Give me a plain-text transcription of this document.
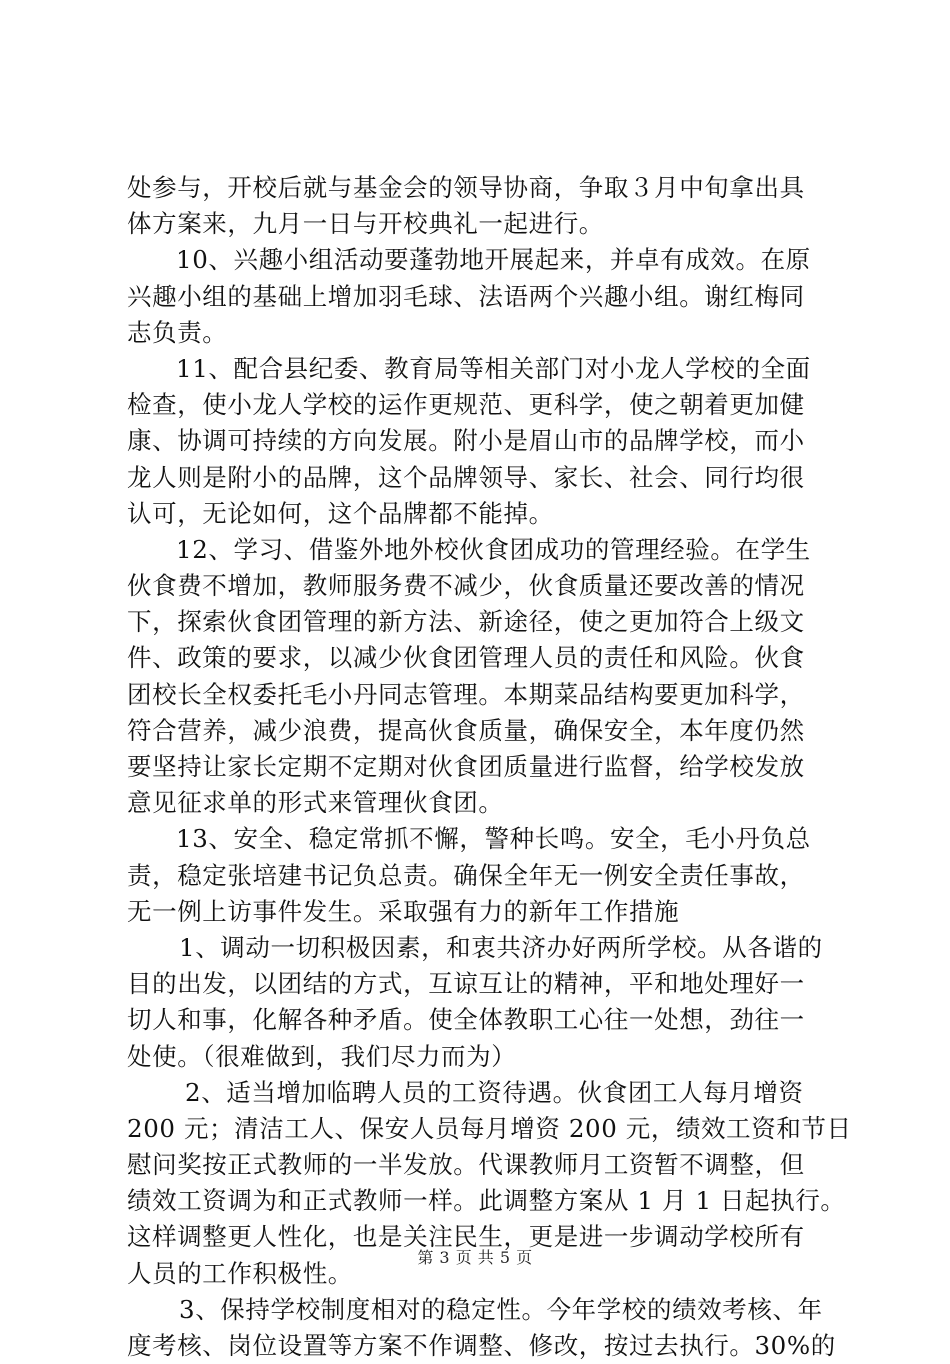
处参与，开校后就与基金会的领导协商，争取３月中旬拿出具
体方案来，九月一日与开校典礼一起进行。
10、兴趣小组活动要蓬勃地开展起来，并卓有成效。在原
兴趣小组的基础上增加羽毛球、法语两个兴趣小组。谢红梅同
志负责。
11、配合县纪委、教育局等相关部门对小龙人学校的全面
检查，使小龙人学校的运作更规范、更科学，使之朝着更加健
康、协调可持续的方向发展。附小是眉山市的品牌学校，而小
龙人则是附小的品牌，这个品牌领导、家长、社会、同行均很
认可，无论如何，这个品牌都不能掉。
12、学习、借鉴外地外校伙食团成功的管理经验。在学生
伙食费不增加，教师服务费不减少，伙食质量还要改善的情况
下，探索伙食团管理的新方法、新途径，使之更加符合上级文
件、政策的要求，以减少伙食团管理人员的责任和风险。伙食
团校长全权委托毛小丹同志管理。本期菜品结构要更加科学，
符合营养，减少浪费，提高伙食质量，确保安全，本年度仍然
要坚持让家长定期不定期对伙食团质量进行监督，给学校发放
意见征求单的形式来管理伙食团。
13、安全、稳定常抓不懈，警种长鸣。安全，毛小丹负总
责，稳定张培建书记负总责。确保全年无一例安全责任事故，
无一例上访事件发生。采取强有力的新年工作措施
1、调动一切积极因素，和衷共济办好两所学校。从各谐的
目的出发，以团结的方式，互谅互让的精神，平和地处理好一
切人和事，化解各种矛盾。使全体教职工心往一处想，劲往一
处使。（很难做到，我们尽力而为）
2、适当增加临聘人员的工资待遇。伙食团工人每月增资
200 元；清洁工人、保安人员每月增资 200 元，绩效工资和节日
慰问奖按正式教师的一半发放。代课教师月工资暂不调整，但
绩效工资调为和正式教师一样。此调整方案从 1 月 1 日起执行。
这样调整更人性化，也是关注民生，更是进一步调动学校所有
人员的工作积极性。
3、保持学校制度相对的稳定性。今年学校的绩效考核、年
度考核、岗位设置等方案不作调整、修改，按过去执行。30%的
第 3 页 共 5 页
